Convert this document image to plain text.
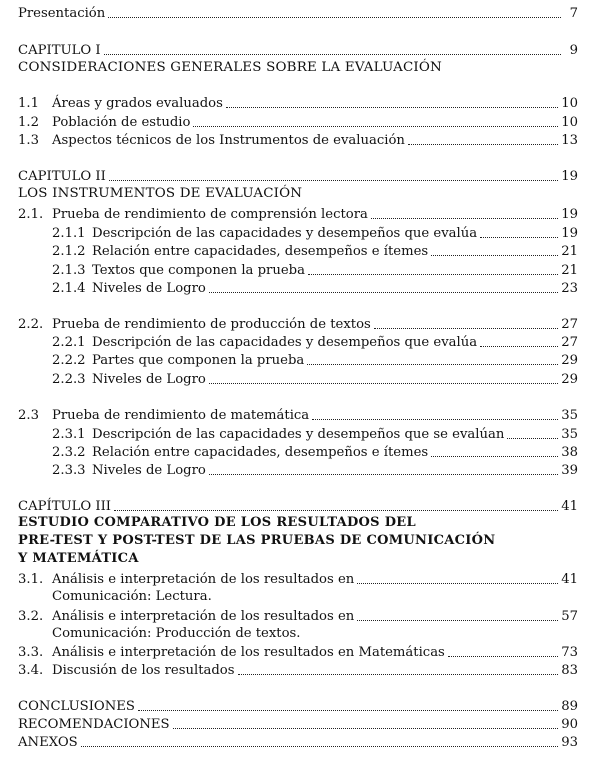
Presentación	7
CAPITULO I	9
CONSIDERACIONES GENERALES SOBRE LA EVALUACIÓN
1.1 Áreas y grados evaluados	10
1.2 Población de estudio	10
1.3 Aspectos técnicos de los Instrumentos de evaluación	13
CAPITULO II	19
LOS INSTRUMENTOS DE EVALUACIÓN
2.1. Prueba de rendimiento de comprensión lectora	19
2.1.1 Descripción de las capacidades y desempeños que evalúa	19
2.1.2 Relación entre capacidades, desempeños e ítemes	21
2.1.3 Textos que componen la prueba	21
2.1.4 Niveles de Logro	23
2.2. Prueba de rendimiento de producción de textos	27
2.2.1 Descripción de las capacidades y desempeños que evalúa	27
2.2.2 Partes que componen la prueba	29
2.2.3 Niveles de Logro	29
2.3 Prueba de rendimiento de matemática	35
2.3.1 Descripción de las capacidades y desempeños que se evalúan	35
2.3.2 Relación entre capacidades, desempeños e ítemes	38
2.3.3 Niveles de Logro	39
CAPÍTULO III	41
ESTUDIO COMPARATIVO DE LOS RESULTADOS DEL
PRE-TEST Y POST-TEST DE LAS PRUEBAS DE COMUNICACIÓN
Y MATEMÁTICA
3.1. Análisis e interpretación de los resultados en	41
Comunicación: Lectura.
3.2. Análisis e interpretación de los resultados en	57
Comunicación: Producción de textos.
3.3. Análisis e interpretación de los resultados en Matemáticas	73
3.4. Discusión de los resultados	83
CONCLUSIONES	89
RECOMENDACIONES	90
ANEXOS	93
